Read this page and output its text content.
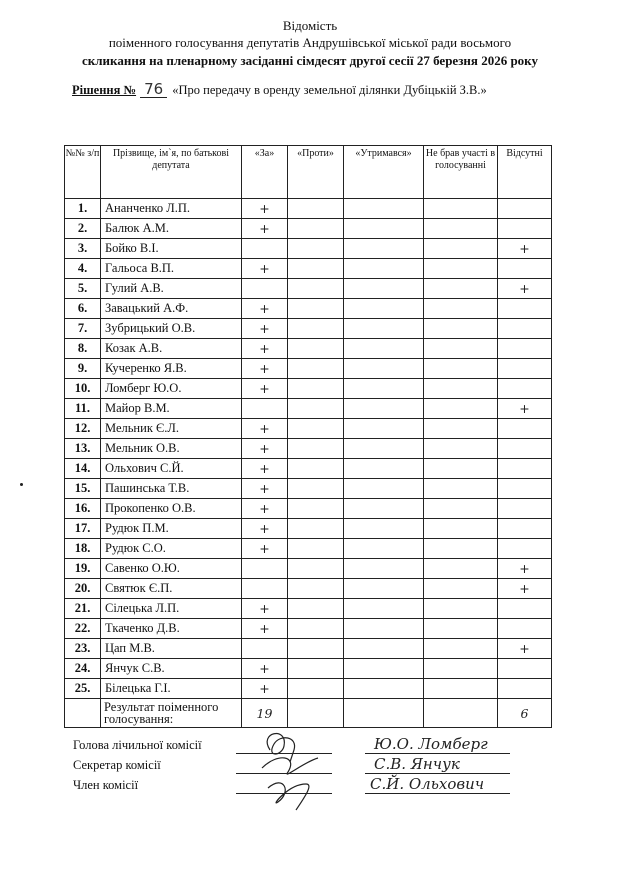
Відомість
поіменного голосування депутатів Андрушівської міської ради восьмого
скликання на пленарному засіданні сімдесят другої сесії 27 березня 2026 року
Рішення № 76 «Про передачу в оренду земельної ділянки Дубіцькій З.В.»
№№ з/п	Прізвище, ім`я, по батькові депутата	«За»	«Проти»	«Утримався»	Не брав участі в голосуванні	Відсутні
1.	Ананченко Л.П.	+				
2.	Балюк А.М.	+				
3.	Бойко В.І.					+
4.	Гальоса В.П.	+				
5.	Гулий А.В.					+
6.	Завацький А.Ф.	+				
7.	Зубрицький О.В.	+				
8.	Козак А.В.	+				
9.	Кучеренко Я.В.	+				
10.	Ломберг Ю.О.	+				
11.	Майор В.М.					+
12.	Мельник Є.Л.	+				
13.	Мельник О.В.	+				
14.	Ольхович С.Й.	+				
15.	Пашинська Т.В.	+				
16.	Прокопенко О.В.	+				
17.	Рудюк П.М.	+				
18.	Рудюк С.О.	+				
19.	Савенко О.Ю.					+
20.	Святюк Є.П.					+
21.	Сілецька Л.П.	+				
22.	Ткаченко Д.В.	+				
23.	Цап М.В.					+
24.	Янчук С.В.	+				
25.	Білецька Г.І.	+				
	Результат поіменного голосування:	19				6
Голова лічильної комісії
Секретар комісії
Член комісії
Ю.О. Ломберг
С.В. Янчук
С.Й. Ольхович
